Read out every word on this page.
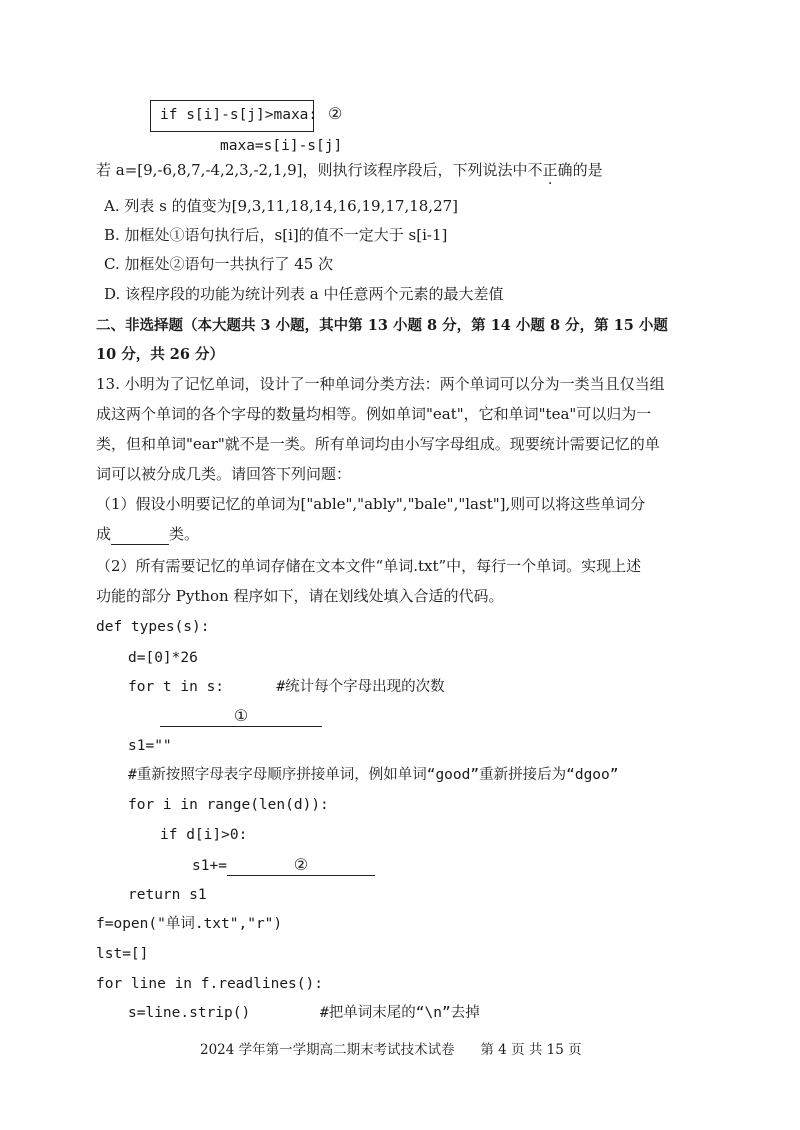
if s[i]-s[j]>maxa: ②
maxa=s[i]-s[j]
若 a=[9,-6,8,7,-4,2,3,-2,1,9]，则执行该程序段后，下列说法中不正确的是
A. 列表 s 的值变为[9,3,11,18,14,16,19,17,18,27]
B. 加框处①语句执行后，s[i]的值不一定大于 s[i-1]
C. 加框处②语句一共执行了 45 次
D. 该程序段的功能为统计列表 a 中任意两个元素的最大差值
二、非选择题（本大题共 3 小题，其中第 13 小题 8 分，第 14 小题 8 分，第 15 小题
10 分，共 26 分）
13. 小明为了记忆单词，设计了一种单词分类方法：两个单词可以分为一类当且仅当组
成这两个单词的各个字母的数量均相等。例如单词"eat"，它和单词"tea"可以归为一
类，但和单词"ear"就不是一类。所有单词均由小写字母组成。现要统计需要记忆的单
词可以被分成几类。请回答下列问题：
（1）假设小明要记忆的单词为["able","ably","bale","last"],则可以将这些单词分
成	类。
（2）所有需要记忆的单词存储在文本文件“单词.txt”中，每行一个单词。实现上述
功能的部分 Python 程序如下，请在划线处填入合适的代码。
def types(s):
d=[0]*26
for t in s:      #统计每个字母出现的次数
①
s1=""
#重新按照字母表字母顺序拼接单词，例如单词“good”重新拼接后为“dgoo”
for i in range(len(d)):
if d[i]>0:
s1+=	②
return s1
f=open("单词.txt","r")
lst=[]
for line in f.readlines():
s=line.strip()        #把单词末尾的“\n”去掉
2024 学年第一学期高二期末考试技术试卷      第 4 页 共 15 页
